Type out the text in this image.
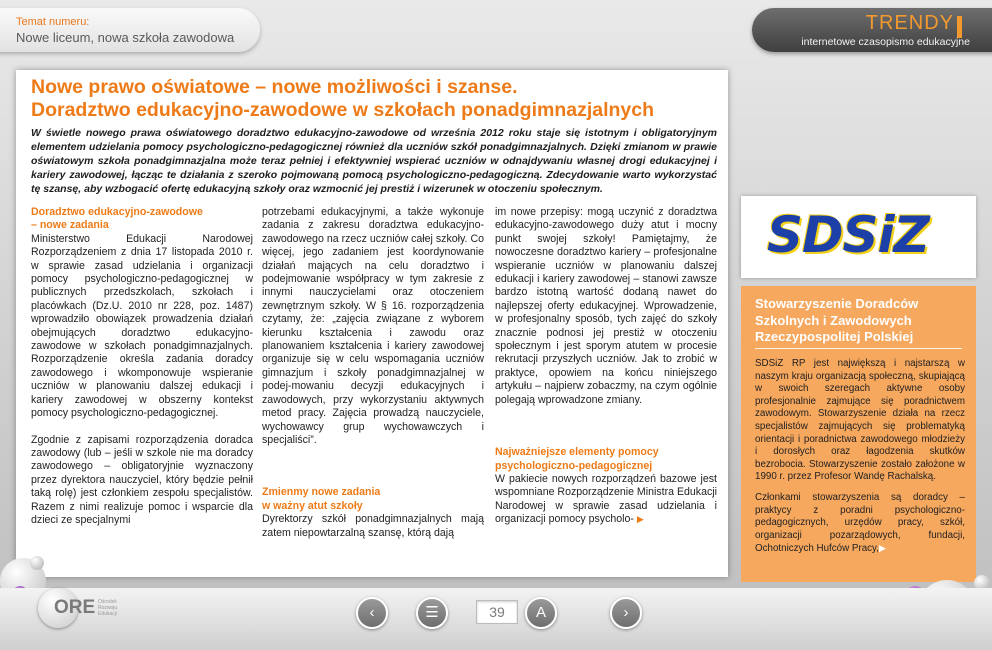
Temat numeru:
Nowe liceum, nowa szkoła zawodowa
TRENDY
internetowe czasopismo edukacyjne
Nowe prawo oświatowe – nowe możliwości i szanse.
Doradztwo edukacyjno-zawodowe w szkołach ponadgimnazjalnych
W świetle nowego prawa oświatowego doradztwo edukacyjno-zawodowe od września 2012 roku staje się istotnym i obligatoryjnym elementem udzielania pomocy psychologiczno-pedagogicznej również dla uczniów szkół ponadgimnazjalnych. Dzięki zmianom w prawie oświatowym szkoła ponadgimnazjalna może teraz pełniej i efektywniej wspierać uczniów w odnajdywaniu własnej drogi edukacyjnej i kariery zawodowej, łącząc te działania z szeroko pojmowaną pomocą psychologiczno-pedagogiczną. Zdecydowanie warto wykorzystać tę szansę, aby wzbogacić ofertę edukacyjną szkoły oraz wzmocnić jej prestiż i wizerunek w otoczeniu społecznym.

Doradztwo edukacyjno-zawodowe

– nowe zadania

Ministerstwo Edukacji Narodowej Rozporządzeniem z dnia 17 listopada 2010 r. w sprawie zasad udzielania i organizacji pomocy psychologiczno-pedagogicznej w publicznych przedszkolach, szkołach i placówkach (Dz.U. 2010 nr 228, poz. 1487) wprowadziło obowiązek prowadzenia działań obejmujących doradztwo edukacyjno-zawodowe w szkołach ponadgimnazjalnych. Rozporządzenie określa zadania doradcy zawodowego i wkomponowuje wspieranie uczniów w planowaniu dalszej edukacji i kariery zawodowej w obszerny kontekst pomocy psychologiczno-pedagogicznej.

Zgodnie z zapisami rozporządzenia doradca zawodowy (lub – jeśli w szkole nie ma doradcy zawodowego – obligatoryjnie wyznaczony przez dyrektora nauczyciel, który będzie pełnił taką rolę) jest członkiem zespołu specjalistów. Razem z nimi realizuje pomoc i wsparcie dla dzieci ze specjalnymi

potrzebami edukacyjnymi, a także wykonuje zadania z zakresu doradztwa edukacyjno-zawodowego na rzecz uczniów całej szkoły. Co więcej, jego zadaniem jest koordynowanie działań mających na celu doradztwo i podejmowanie współpracy w tym zakresie z innymi nauczycielami oraz otoczeniem zewnętrznym szkoły. W § 16. rozporządzenia czytamy, że: „zajęcia związane z wyborem kierunku kształcenia i zawodu oraz planowaniem kształcenia i kariery zawodowej organizuje się w celu wspomagania uczniów gimnazjum i szkoły ponadgimnazjalnej w podej-mowaniu decyzji edukacyjnych i zawodowych, przy wykorzystaniu aktywnych metod pracy. Zajęcia prowadzą nauczyciele, wychowawcy grup wychowawczych i specjaliści”.

Zmienmy nowe zadania

w ważny atut szkoły

Dyrektorzy szkół ponadgimnazjalnych mają zatem niepowtarzalną szansę, którą dają

im nowe przepisy: mogą uczynić z doradztwa edukacyjno-zawodowego duży atut i mocny punkt swojej szkoły! Pamiętajmy, że nowoczesne doradztwo kariery – profesjonalne wspieranie uczniów w planowaniu dalszej edukacji i kariery zawodowej – stanowi zawsze bardzo istotną wartość dodaną nawet do najlepszej oferty edukacyjnej. Wprowadzenie, w profesjonalny sposób, tych zajęć do szkoły znacznie podnosi jej prestiż w otoczeniu społecznym i jest sporym atutem w procesie rekrutacji przyszłych uczniów. Jak to zrobić w praktyce, opowiem na końcu niniejszego artykułu – najpierw zobaczmy, na czym ogólnie polegają wprowadzone zmiany.

Najważniejsze elementy pomocy

psychologiczno-pedagogicznej

W pakiecie nowych rozporządzeń bazowe jest wspomniane Rozporządzenie Ministra Edukacji Narodowej w sprawie zasad udzielania i organizacji pomocy psycholo- ▶

SDSiZ
Stowarzyszenie Doradców Szkolnych i Zawodowych Rzeczypospolitej Polskiej

SDSiZ RP jest największą i najstarszą w naszym kraju organizacją społeczną, skupiającą w swoich szeregach aktywne osoby profesjonalnie zajmujące się poradnictwem zawodowym. Stowarzyszenie działa na rzecz specjalistów zajmujących się problematyką orientacji i poradnictwa zawodowego młodzieży i dorosłych oraz łagodzenia skutków bezrobocia. Stowarzyszenie zostało założone w 1990 r. przez Profesor Wandę Rachalską.

Członkami stowarzyszenia są doradcy – praktycy z poradni psychologiczno-pedagogicznych, urzędów pracy, szkół, organizacji pozarządowych, fundacji, Ochotniczych Hufców Pracy,▶

ORE Ośrodek Rozwoju Edukacji	‹	☰	39	A	›
